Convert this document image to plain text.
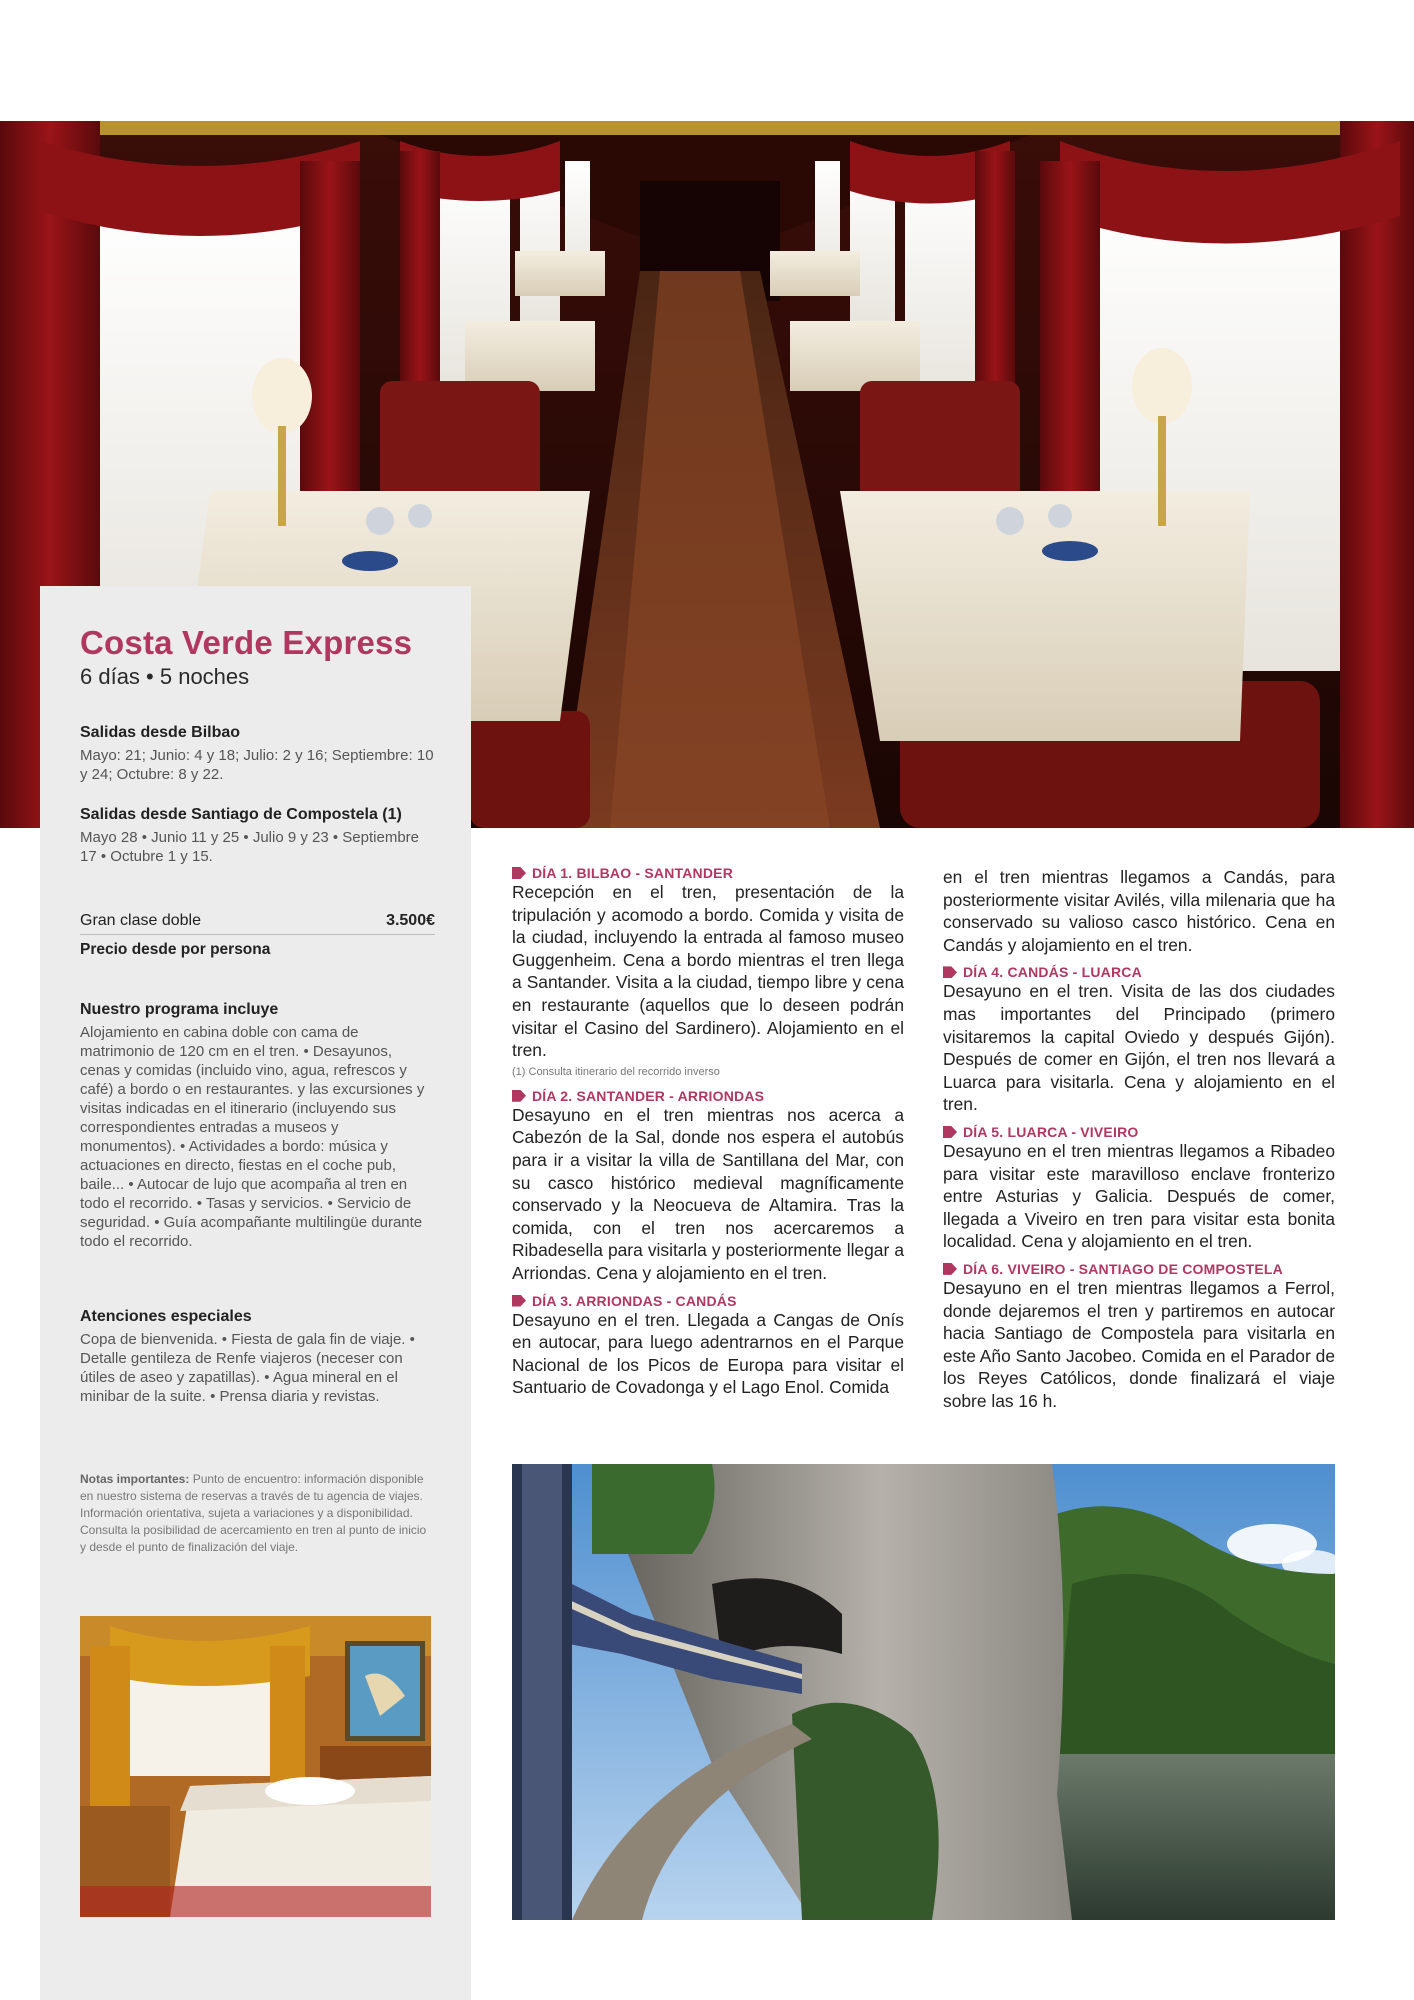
Costa Verde Express

6 días • 5 noches

Salidas desde Bilbao

Mayo: 21; Junio: 4 y 18; Julio: 2 y 16; Septiembre: 10 y 24; Octubre: 8 y 22.

Salidas desde Santiago de Compostela (1)

Mayo 28 • Junio 11 y 25 • Julio 9 y 23 • Septiembre 17 • Octubre 1 y 15.

Gran clase doble	3.500€

Precio desde por persona

Nuestro programa incluye

Alojamiento en cabina doble con cama de matrimonio de 120 cm en el tren. • Desayunos, cenas y comidas (incluido vino, agua, refrescos y café) a bordo o en restaurantes. y las excursiones y visitas indicadas en el itinerario (incluyendo sus correspondientes entradas a museos y monumentos). • Actividades a bordo: música y actuaciones en directo, fiestas en el coche pub, baile... • Autocar de lujo que acompaña al tren en todo el recorrido. • Tasas y servicios. • Servicio de seguridad. • Guía acompañante multilingüe durante todo el recorrido.

Atenciones especiales

Copa de bienvenida. • Fiesta de gala fin de viaje. • Detalle gentileza de Renfe viajeros (neceser con útiles de aseo y zapatillas). • Agua mineral en el minibar de la suite. • Prensa diaria y revistas.

Notas importantes: Punto de encuentro: información disponible en nuestro sistema de reservas a través de tu agencia de viajes. Información orientativa, sujeta a variaciones y a disponibilidad.
Consulta la posibilidad de acercamiento en tren al punto de inicio y desde el punto de finalización del viaje.

DÍA 1. BILBAO - SANTANDER

Recepción en el tren, presentación de la tripulación y acomodo a bordo. Comida y visita de la ciudad, incluyendo la entrada al famoso museo Guggenheim. Cena a bordo mientras el tren llega a Santander. Visita a la ciudad, tiempo libre y cena en restaurante (aquellos que lo deseen podrán visitar el Casino del Sardinero). Alojamiento en el tren.

(1) Consulta itinerario del recorrido inverso

DÍA 2. SANTANDER - ARRIONDAS

Desayuno en el tren mientras nos acerca a Cabezón de la Sal, donde nos espera el autobús para ir a visitar la villa de Santillana del Mar, con su casco histórico medieval magníficamente conservado y la Neocueva de Altamira. Tras la comida, con el tren nos acercaremos a Ribadesella para visitarla y posteriormente llegar a Arriondas. Cena y alojamiento en el tren.

DÍA 3. ARRIONDAS - CANDÁS

Desayuno en el tren. Llegada a Cangas de Onís en autocar, para luego adentrarnos en el Parque Nacional de los Picos de Europa para visitar el Santuario de Covadonga y el Lago Enol. Comida

en el tren mientras llegamos a Candás, para posteriormente visitar Avilés, villa milenaria que ha conservado su valioso casco histórico. Cena en Candás y alojamiento en el tren.

DÍA 4. CANDÁS - LUARCA

Desayuno en el tren. Visita de las dos ciudades mas importantes del Principado (primero visitaremos la capital Oviedo y después Gijón). Después de comer en Gijón, el tren nos llevará a Luarca para visitarla. Cena y alojamiento en el tren.

DÍA 5. LUARCA - VIVEIRO

Desayuno en el tren mientras llegamos a Ribadeo para visitar este maravilloso enclave fronterizo entre Asturias y Galicia. Después de comer, llegada a Viveiro en tren para visitar esta bonita localidad. Cena y alojamiento en el tren.

DÍA 6. VIVEIRO - SANTIAGO DE COMPOSTELA

Desayuno en el tren mientras llegamos a Ferrol, donde dejaremos el tren y partiremos en autocar hacia Santiago de Compostela para visitarla en este Año Santo Jacobeo. Comida en el Parador de los Reyes Católicos, donde finalizará el viaje sobre las 16 h.
